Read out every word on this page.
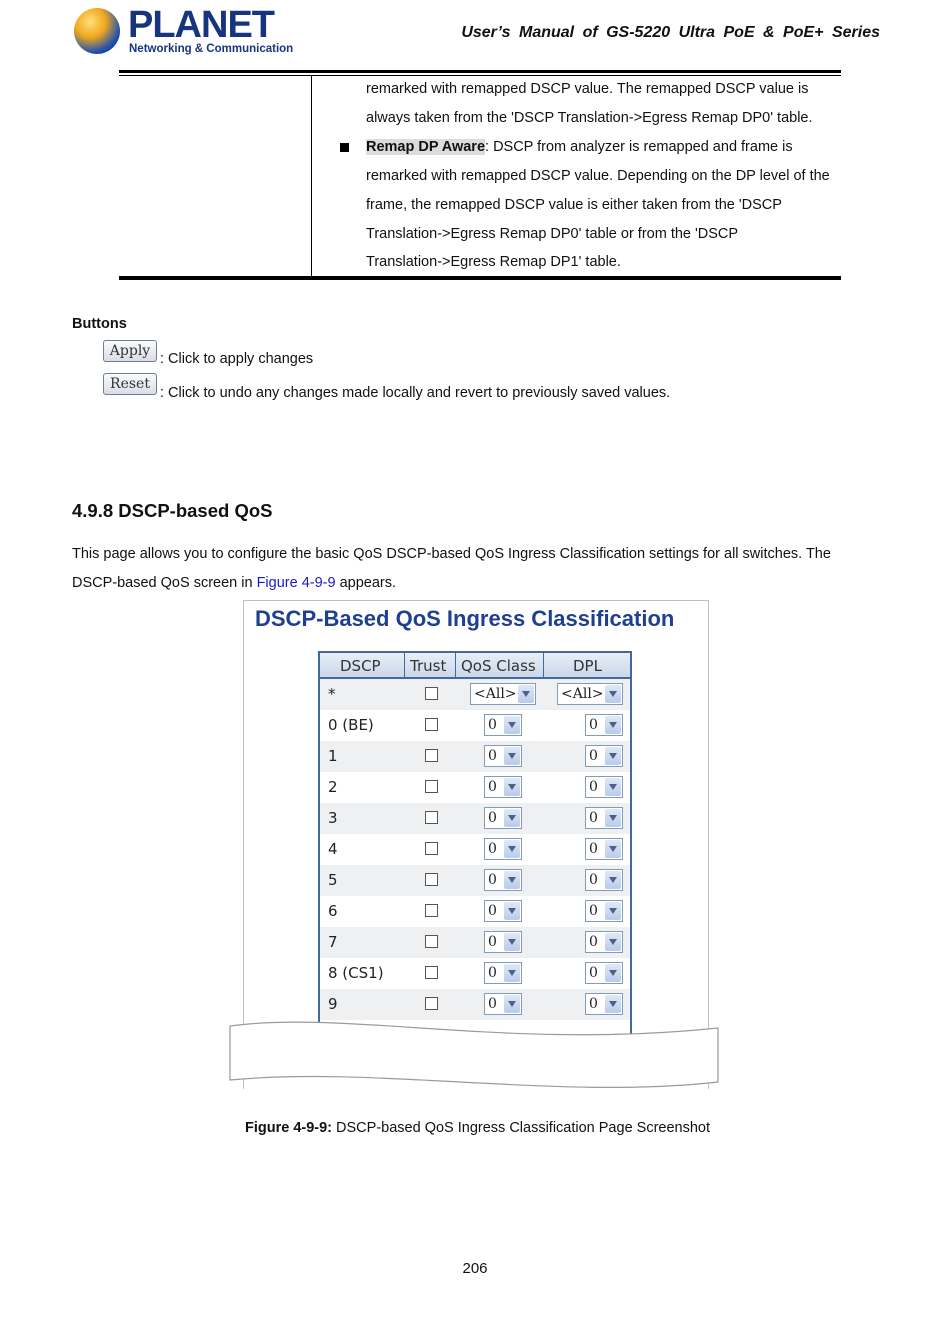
PLANET
Networking & Communication
User’s Manual of GS-5220 Ultra PoE & PoE+ Series
remarked with remapped DSCP value. The remapped DSCP value is
always taken from the 'DSCP Translation->Egress Remap DP0' table.
Remap DP Aware: DSCP from analyzer is remapped and frame is
remarked with remapped DSCP value. Depending on the DP level of the
frame, the remapped DSCP value is either taken from the 'DSCP
Translation->Egress Remap DP0' table or from the 'DSCP
Translation->Egress Remap DP1' table.
Buttons
Apply : Click to apply changes
Reset
: Click to undo any changes made locally and revert to previously saved values.
4.9.8 DSCP-based QoS
This page allows you to configure the basic QoS DSCP-based QoS Ingress Classification settings for all switches. The
DSCP-based QoS screen in Figure 4-9-9 appears.
DSCP-Based QoS Ingress Classification
DSCP Trust QoS Class DPL
*	<All>	<All>
0 (BE)	0	0
1	0	0
2	0	0
3	0	0
4	0	0
5	0	0
6	0	0
7	0	0
8 (CS1)	0	0
9	0	0
Figure 4-9-9: DSCP-based QoS Ingress Classification Page Screenshot
206
